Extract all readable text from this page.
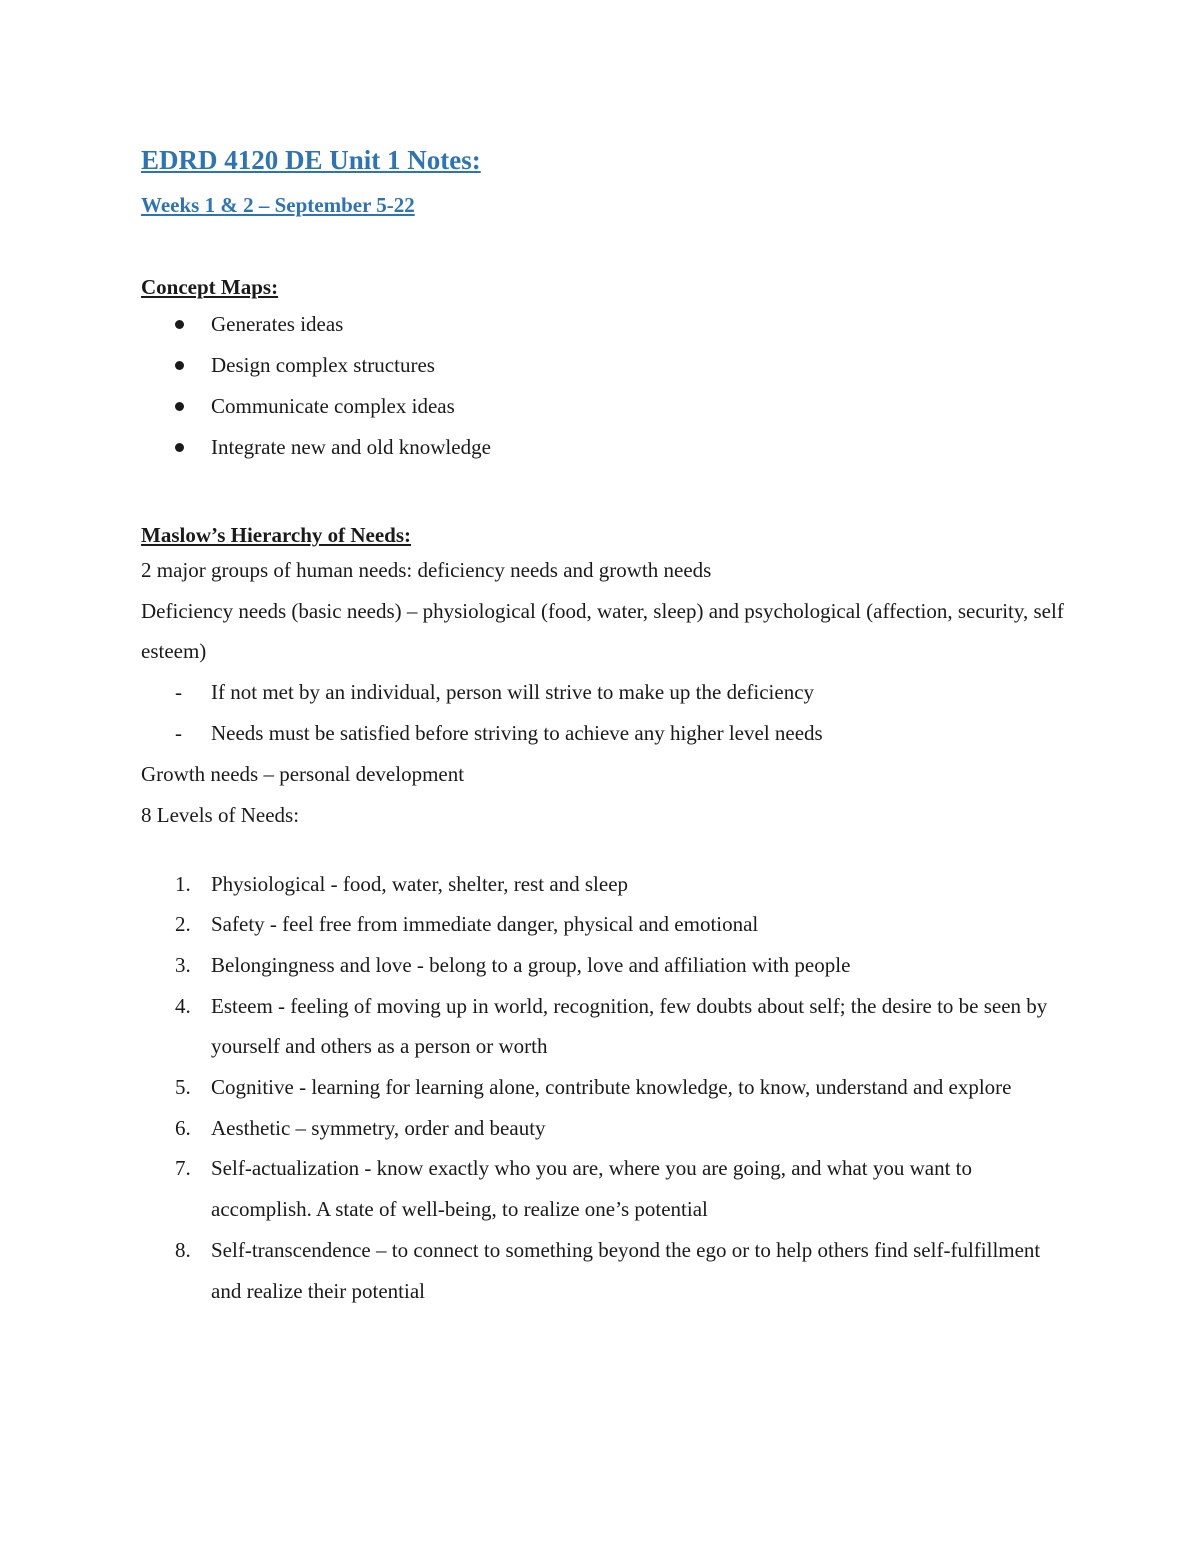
EDRD 4120 DE Unit 1 Notes:
Weeks 1 & 2 – September 5-22
Concept Maps:
Generates ideas
Design complex structures
Communicate complex ideas
Integrate new and old knowledge
Maslow’s Hierarchy of Needs:

2 major groups of human needs: deficiency needs and growth needs

Deficiency needs (basic needs) – physiological (food, water, sleep) and psychological (affection, security, self esteem)

- If not met by an individual, person will strive to make up the deficiency
- Needs must be satisfied before striving to achieve any higher level needs

Growth needs – personal development

8 Levels of Needs:

1. Physiological - food, water, shelter, rest and sleep
2. Safety - feel free from immediate danger, physical and emotional
3. Belongingness and love - belong to a group, love and affiliation with people
4. Esteem - feeling of moving up in world, recognition, few doubts about self; the desire to be seen by yourself and others as a person or worth
5. Cognitive - learning for learning alone, contribute knowledge, to know, understand and explore
6. Aesthetic – symmetry, order and beauty
7. Self-actualization - know exactly who you are, where you are going, and what you want to accomplish. A state of well-being, to realize one’s potential
8. Self-transcendence – to connect to something beyond the ego or to help others find self-fulfillment and realize their potential
